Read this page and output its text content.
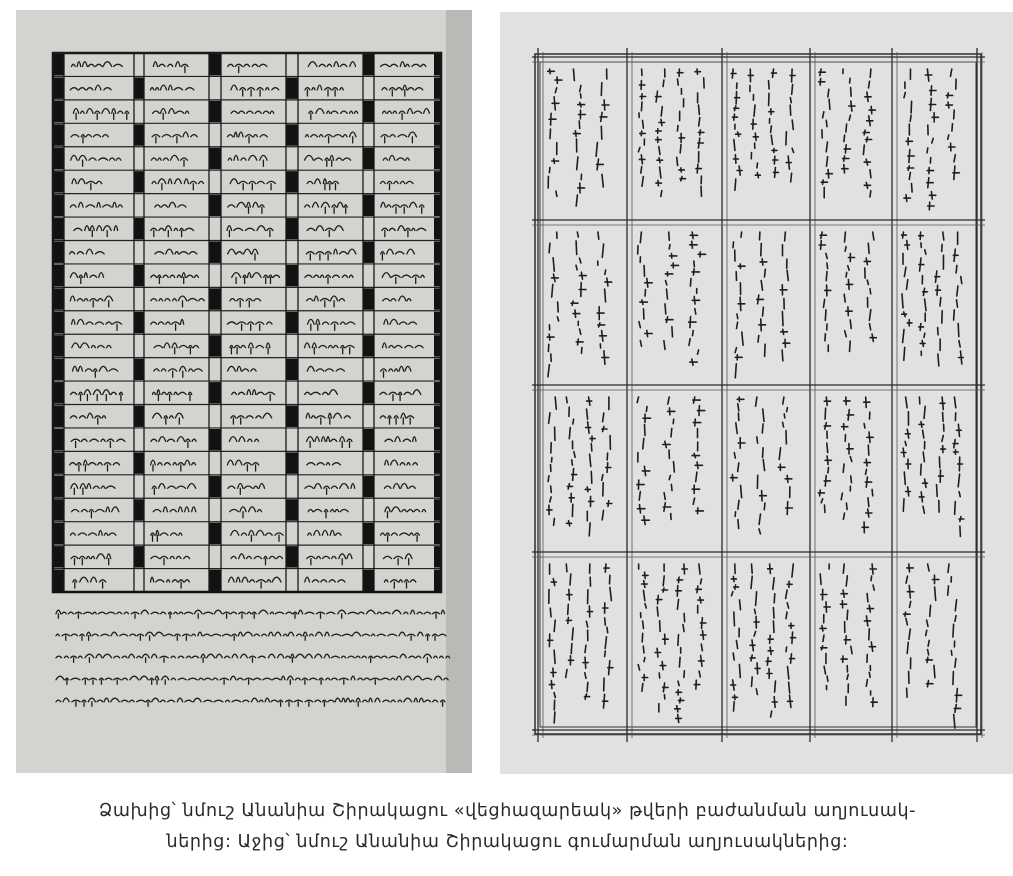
Ձախից՝ նմուշ Անանիա Շիրակացու «վեցհազարեակ» թվերի բաժանման աղյուսակ-
ներից: Աջից՝ նմուշ Անանիա Շիրակացու գումարման աղյուսակներից:
